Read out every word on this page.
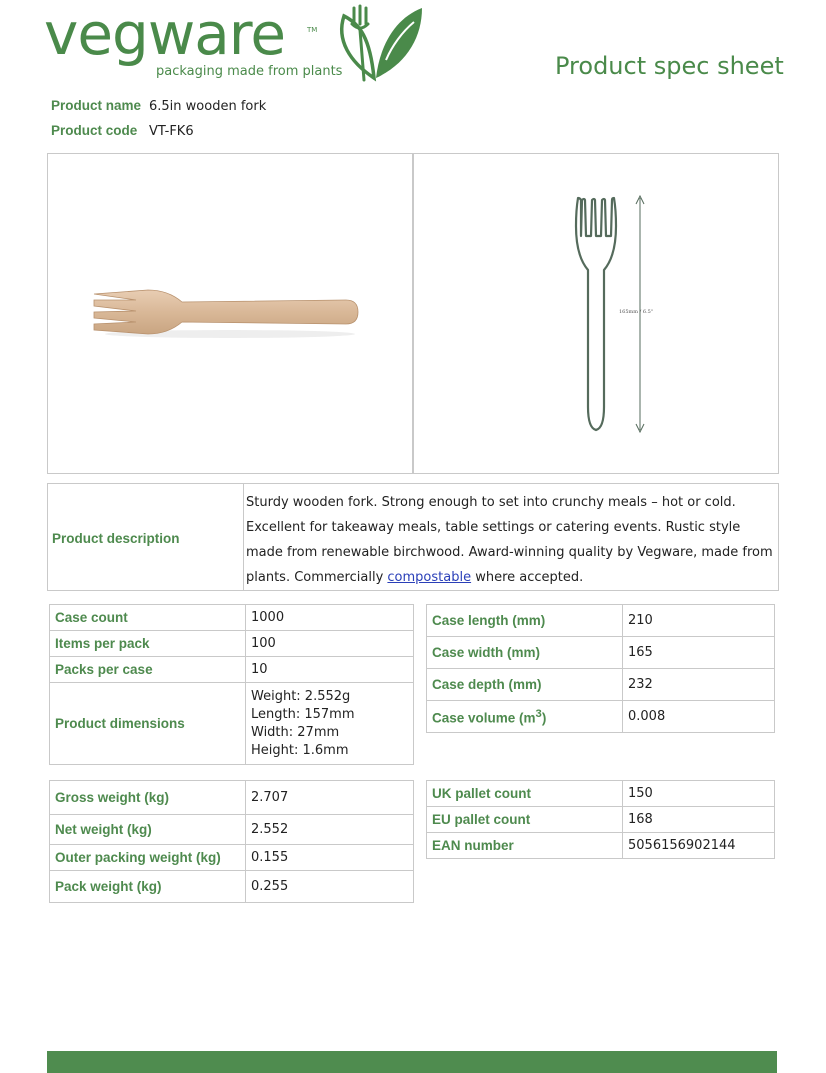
vegware	TM
packaging made from plants	Product spec sheet
Product name 6.5in wooden fork
Product code VT-FK6
165mm / 6.5"
Product description
Sturdy wooden fork. Strong enough to set into crunchy meals – hot or cold. Excellent for takeaway meals, table settings or catering events. Rustic style made from renewable birchwood. Award-winning quality by Vegware, made from plants. Commercially compostable where accepted.
Case count	1000
Items per pack	100
Packs per case	10
Product dimensions	Weight: 2.552g
Length: 157mm
Width: 27mm
Height: 1.6mm
Case length (mm)	210
Case width (mm)	165
Case depth (mm)	232
Case volume $(m^3)$	0.008
Gross weight (kg)	2.707
Net weight (kg)	2.552
Outer packing weight (kg)	0.155
Pack weight (kg)	0.255
UK pallet count	150
EU pallet count	168
EAN number	5056156902144
